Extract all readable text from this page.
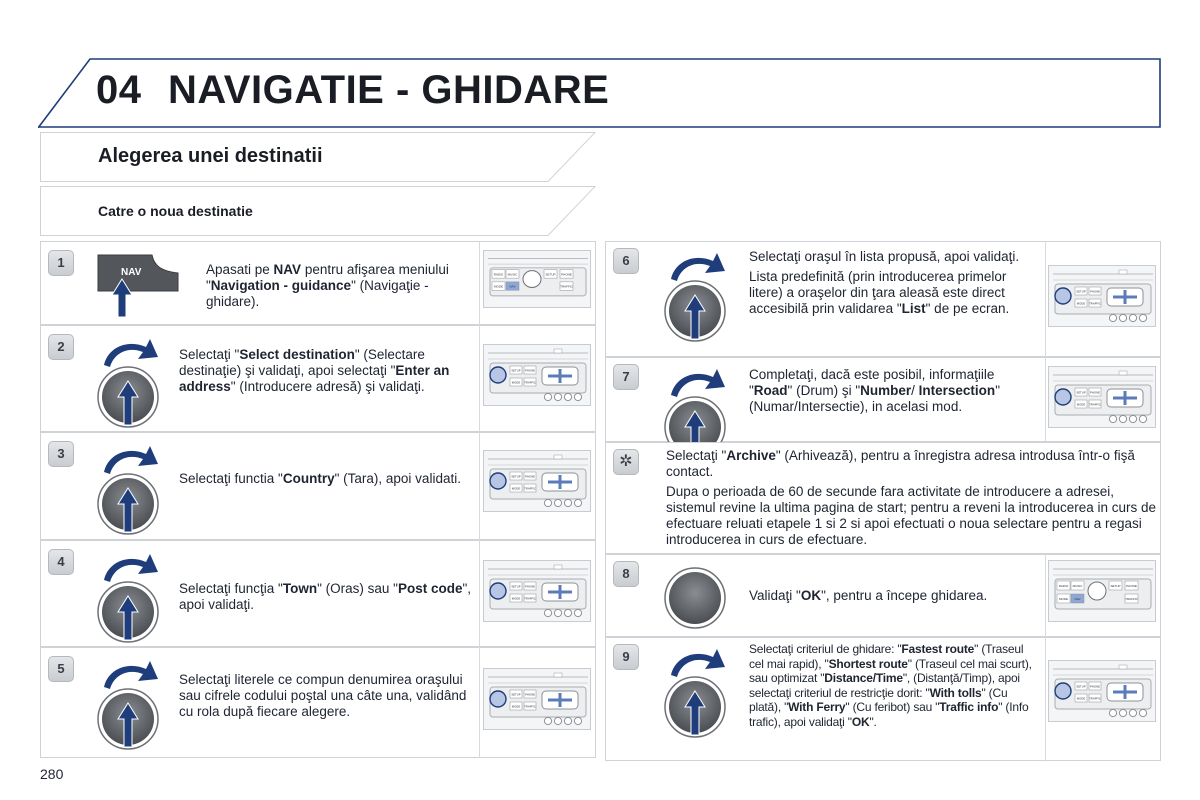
04 NAVIGATIE - GHIDARE
Alegerea unei destinatii
Catre o noua destinatie
1
NAV	Apasati pe NAV pentru afişarea meniului "Navigation - guidance" (Navigaţie - ghidare).
RADIO MUSIC	SETUP PHONE
MODE NAV	TRAFFIC
2
Selectaţi "Select destination" (Selectare destinaţie) şi validaţi, apoi selectaţi "Enter an address" (Introducere adresă) şi validaţi.
SETUP PHONE
MODE TRAFFIC
3
Selectaţi functia "Country" (Tara), apoi validati.	SETUP PHONE
MODE TRAFFIC
4
Selectaţi funcţia "Town" (Oras) sau "Post code", apoi validaţi.
SETUP PHONE
MODE TRAFFIC
5
Selectaţi literele ce compun denumirea oraşului sau cifrele codului poştal una câte una, validând cu rola după fiecare alegere.
SETUP PHONE
MODE TRAFFIC
6	Selectaţi oraşul în lista propusă, apoi validaţi.

Lista predefinită (prin introducerea primelor litere) a oraşelor din ţara aleasă este direct accesibilă prin validarea "List" de pe ecran.

SETUP PHONE
MODE TRAFFIC
7	Completaţi, dacă este posibil, informaţiile "Road" (Drum) şi "Number/ Intersection" (Numar/Intersectie), in acelasi mod.

SETUP PHONE
MODE TRAFFIC
✲	Selectaţi "Archive" (Arhivează), pentru a înregistra adresa introdusa într-o fişă contact.

Dupa o perioada de 60 de secunde fara activitate de introducere a adresei, sistemul revine la ultima pagina de start; pentru a reveni la introducerea in curs de efectuare reluati etapele 1 si 2 si apoi efectuati o noua selectare pentru a regasi introducerea in curs de efectuare.

8

Validaţi "OK", pentru a începe ghidarea.

RADIO MUSIC	SETUP PHONE
MODE NAV	TRAFFIC
9	Selectaţi criteriul de ghidare: "Fastest route" (Traseul cel mai rapid), "Shortest route" (Traseul cel mai scurt), sau optimizat "Distance/Time", (Distanţă/Timp), apoi selectaţi criteriul de restricţie dorit: "With tolls" (Cu plată), "With Ferry" (Cu feribot) sau "Traffic info" (Info trafic), apoi validaţi "OK".

SETUP PHONE
MODE TRAFFIC
280
